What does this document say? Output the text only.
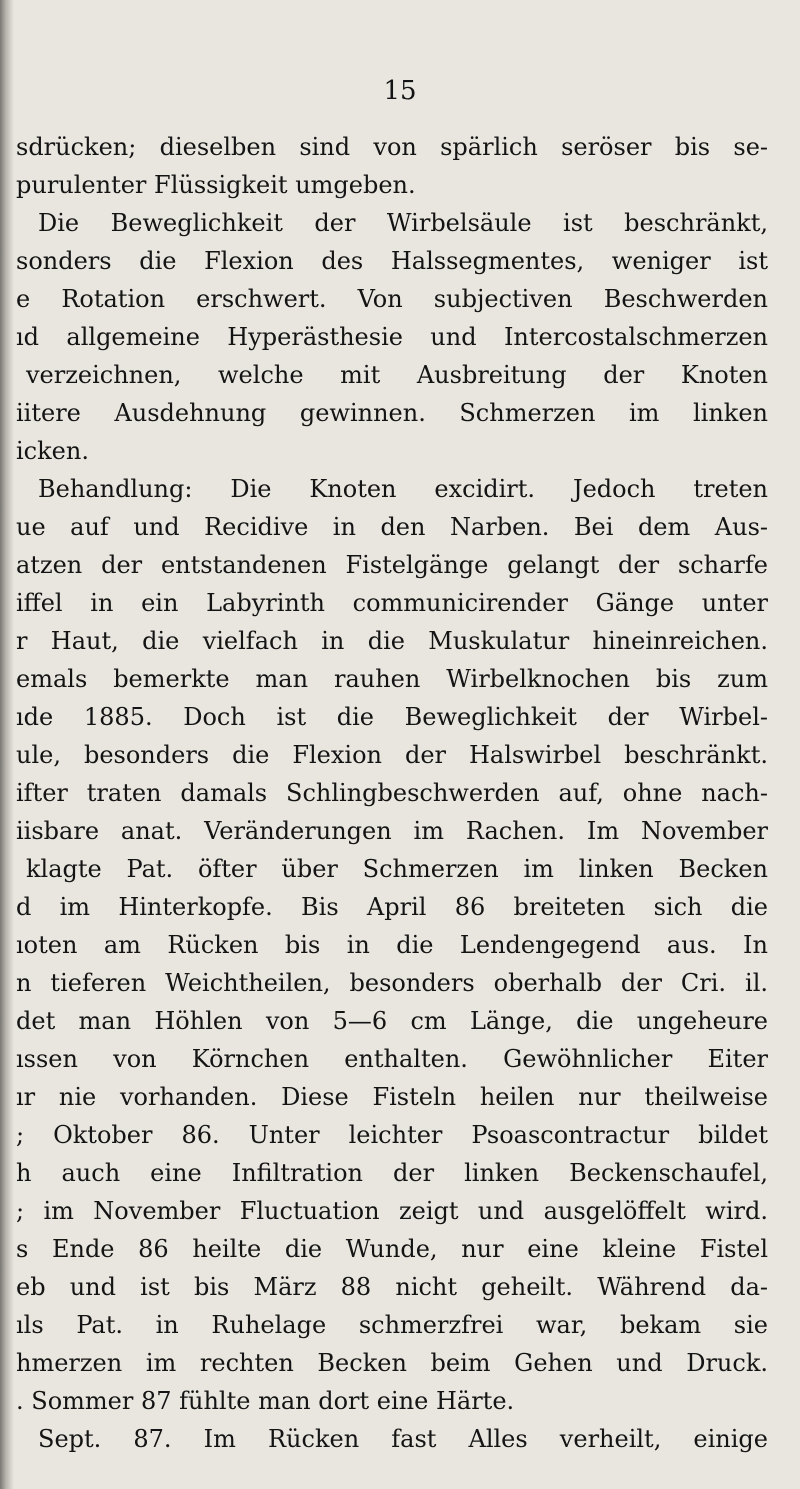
15
sdrücken; dieselben sind von spärlich seröser bis se-
purulenter Flüssigkeit umgeben.
Die Beweglichkeit der Wirbelsäule ist beschränkt,
sonders die Flexion des Halssegmentes, weniger ist
e Rotation erschwert. Von subjectiven Beschwerden
ıd allgemeine Hyperästhesie und Intercostalschmerzen
verzeichnen, welche mit Ausbreitung der Knoten
iitere Ausdehnung gewinnen. Schmerzen im linken
icken.
Behandlung: Die Knoten excidirt. Jedoch treten
ue auf und Recidive in den Narben. Bei dem Aus-
atzen der entstandenen Fistelgänge gelangt der scharfe
iffel in ein Labyrinth communicirender Gänge unter
r Haut, die vielfach in die Muskulatur hineinreichen.
emals bemerkte man rauhen Wirbelknochen bis zum
ıde 1885. Doch ist die Beweglichkeit der Wirbel-
ule, besonders die Flexion der Halswirbel beschränkt.
ifter traten damals Schlingbeschwerden auf, ohne nach-
iisbare anat. Veränderungen im Rachen. Im November
klagte Pat. öfter über Schmerzen im linken Becken
d im Hinterkopfe. Bis April 86 breiteten sich die
ıoten am Rücken bis in die Lendengegend aus. In
n tieferen Weichtheilen, besonders oberhalb der Cri. il.
det man Höhlen von 5—6 cm Länge, die ungeheure
ıssen von Körnchen enthalten. Gewöhnlicher Eiter
ır nie vorhanden. Diese Fisteln heilen nur theilweise
; Oktober 86. Unter leichter Psoascontractur bildet
h auch eine Infiltration der linken Beckenschaufel,
; im November Fluctuation zeigt und ausgelöffelt wird.
s Ende 86 heilte die Wunde, nur eine kleine Fistel
eb und ist bis März 88 nicht geheilt. Während da-
ıls Pat. in Ruhelage schmerzfrei war, bekam sie
hmerzen im rechten Becken beim Gehen und Druck.
. Sommer 87 fühlte man dort eine Härte.
Sept. 87. Im Rücken fast Alles verheilt, einige
